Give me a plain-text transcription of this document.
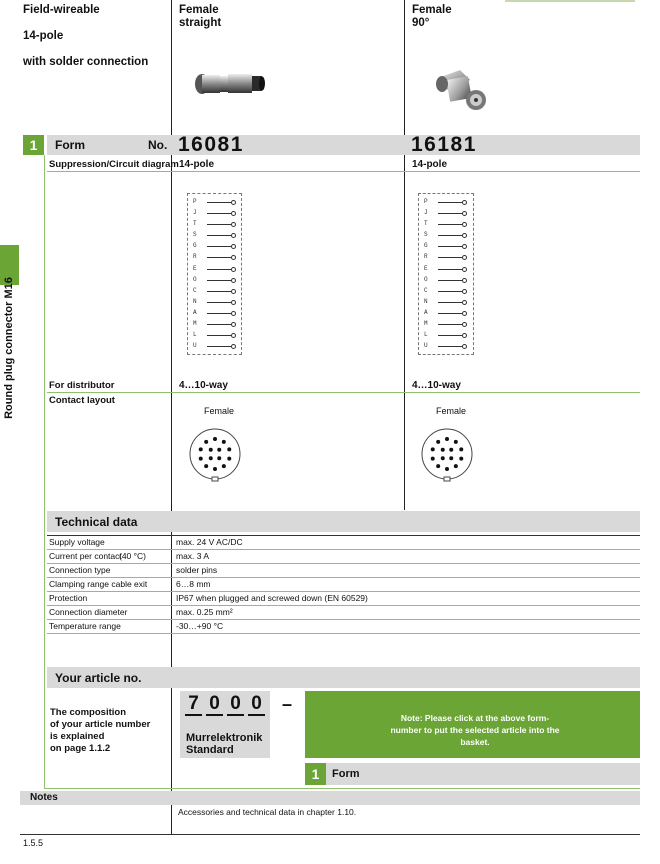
Field-wireable
14-pole
with solder connection
Female
straight
Female
90°
Round plug connector M16
1	Form	No. 16081	16181
Suppression/Circuit diagram 14-pole	14-pole
P
J
T
S
G
R
E
O
C
N
A
M
L
U
P
J
T
S
G
R
E
O
C
N
A
M
L
U
For distributor	4…10-way	4…10-way
Contact layout
Female	Female
Technical data
Supply voltage	max. 24 V AC/DC
Current per contact
(40 °C)	max. 3 A
Connection type	solder pins
Clamping range cable exit	6…8 mm
Protection	IP67 when plugged and screwed down (EN 60529)
Connection diameter	max. 0.25 mm²
Temperature range	-30…+90 °C
Your article no.
The composition
of your article number
is explained
on page 1.1.2
7 0 0 0	–
Murrelektronik
Standard
Note: Please click at the above form-number to put the selected article into the basket.
1	Form
Notes
Accessories and technical data in chapter 1.10.
1.5.5
